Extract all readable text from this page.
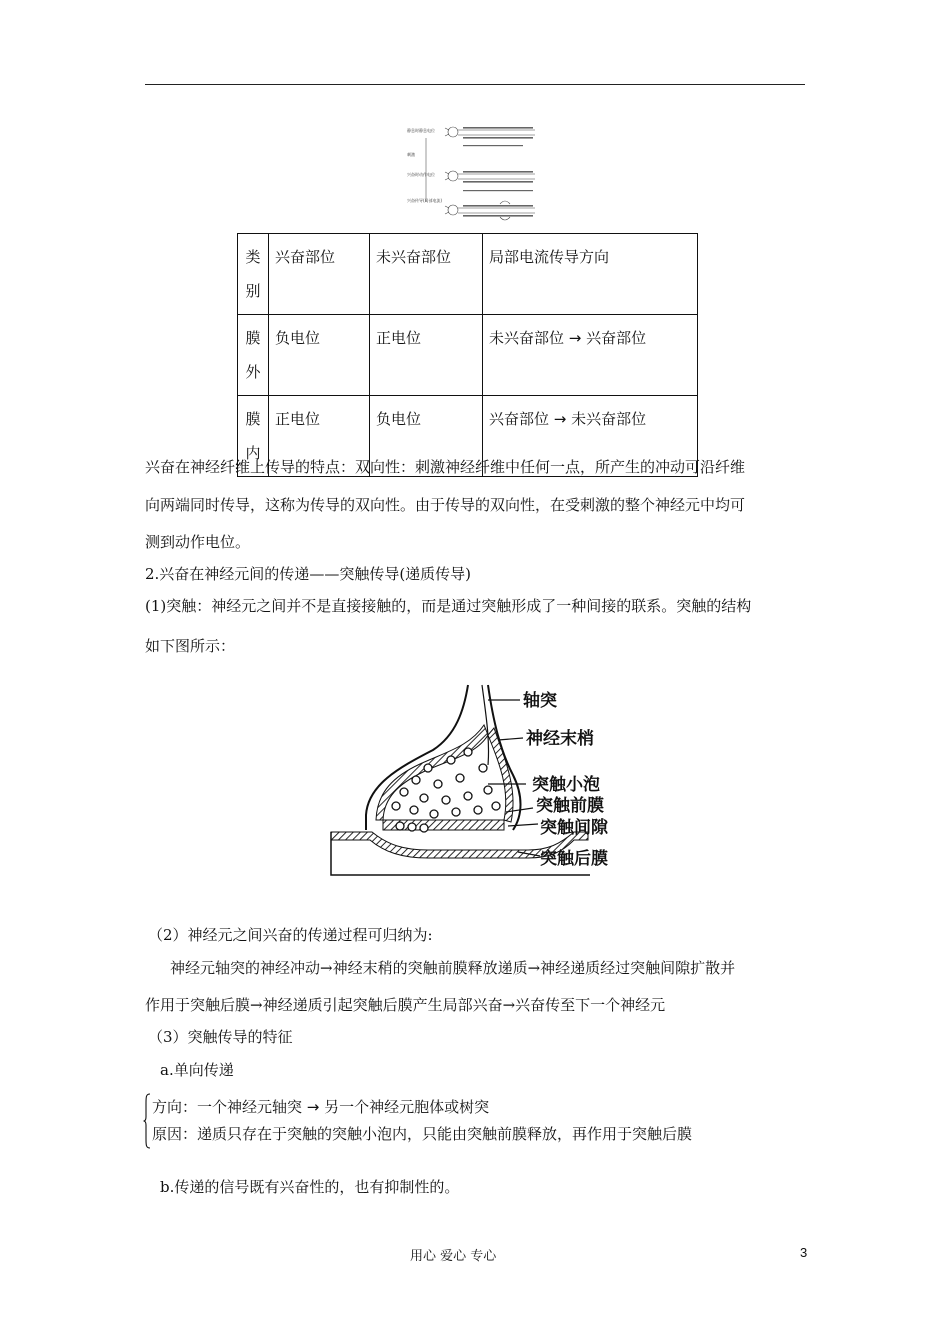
静息时静息电位
刺激
兴奋时动作电位
兴奋传导(局部电流)
类别	兴奋部位	未兴奋部位	局部电流传导方向
膜外	负电位	正电位	未兴奋部位 → 兴奋部位
膜内	正电位	负电位	兴奋部位 → 未兴奋部位
兴奋在神经纤维上传导的特点：双向性：刺激神经纤维中任何一点，所产生的冲动可沿纤维
向两端同时传导，这称为传导的双向性。由于传导的双向性，在受刺激的整个神经元中均可
测到动作电位。
2.兴奋在神经元间的传递——突触传导(递质传导)
(1)突触：神经元之间并不是直接接触的，而是通过突触形成了一种间接的联系。突触的结构
如下图所示：
轴突
神经末梢
突触小泡
突触前膜
突触间隙
突触后膜
（2）神经元之间兴奋的传递过程可归纳为:
神经元轴突的神经冲动→神经末稍的突触前膜释放递质→神经递质经过突触间隙扩散并
作用于突触后膜→神经递质引起突触后膜产生局部兴奋→兴奋传至下一个神经元
（3）突触传导的特征
a.单向传递
方向：一个神经元轴突 → 另一个神经元胞体或树突
原因：递质只存在于突触的突触小泡内，只能由突触前膜释放，再作用于突触后膜
b.传递的信号既有兴奋性的，也有抑制性的。
用心 爱心 专心	3
